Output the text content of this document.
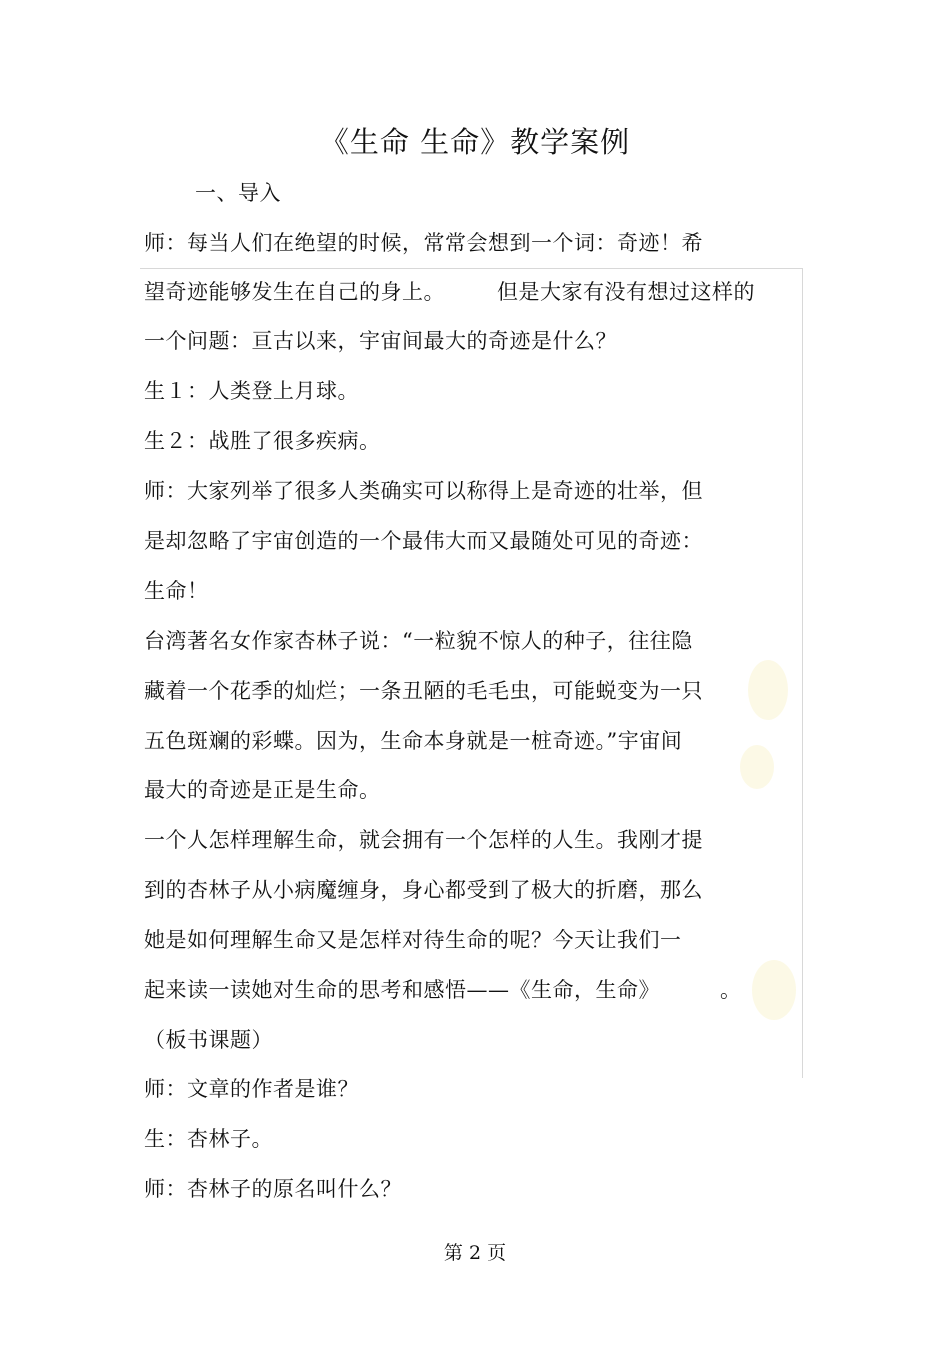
《生命 生命》教学案例
一、导入
师：每当人们在绝望的时候，常常会想到一个词：奇迹！希
望奇迹能够发生在自己的身上。 但是大家有没有想过这样的
一个问题：亘古以来，宇宙间最大的奇迹是什么？
生１：人类登上月球。
生２：战胜了很多疾病。
师：大家列举了很多人类确实可以称得上是奇迹的壮举，但
是却忽略了宇宙创造的一个最伟大而又最随处可见的奇迹：
生命！
台湾著名女作家杏林子说：“一粒貌不惊人的种子，往往隐
藏着一个花季的灿烂；一条丑陋的毛毛虫，可能蜕变为一只
五色斑斓的彩蝶。因为，生命本身就是一桩奇迹。”宇宙间
最大的奇迹是正是生命。
一个人怎样理解生命，就会拥有一个怎样的人生。我刚才提
到的杏林子从小病魔缠身，身心都受到了极大的折磨，那么
她是如何理解生命又是怎样对待生命的呢？今天让我们一
起来读一读她对生命的思考和感悟——《生命，生命》	。
（板书课题）
师：文章的作者是谁？
生：杏林子。
师：杏林子的原名叫什么？
第 2 页
